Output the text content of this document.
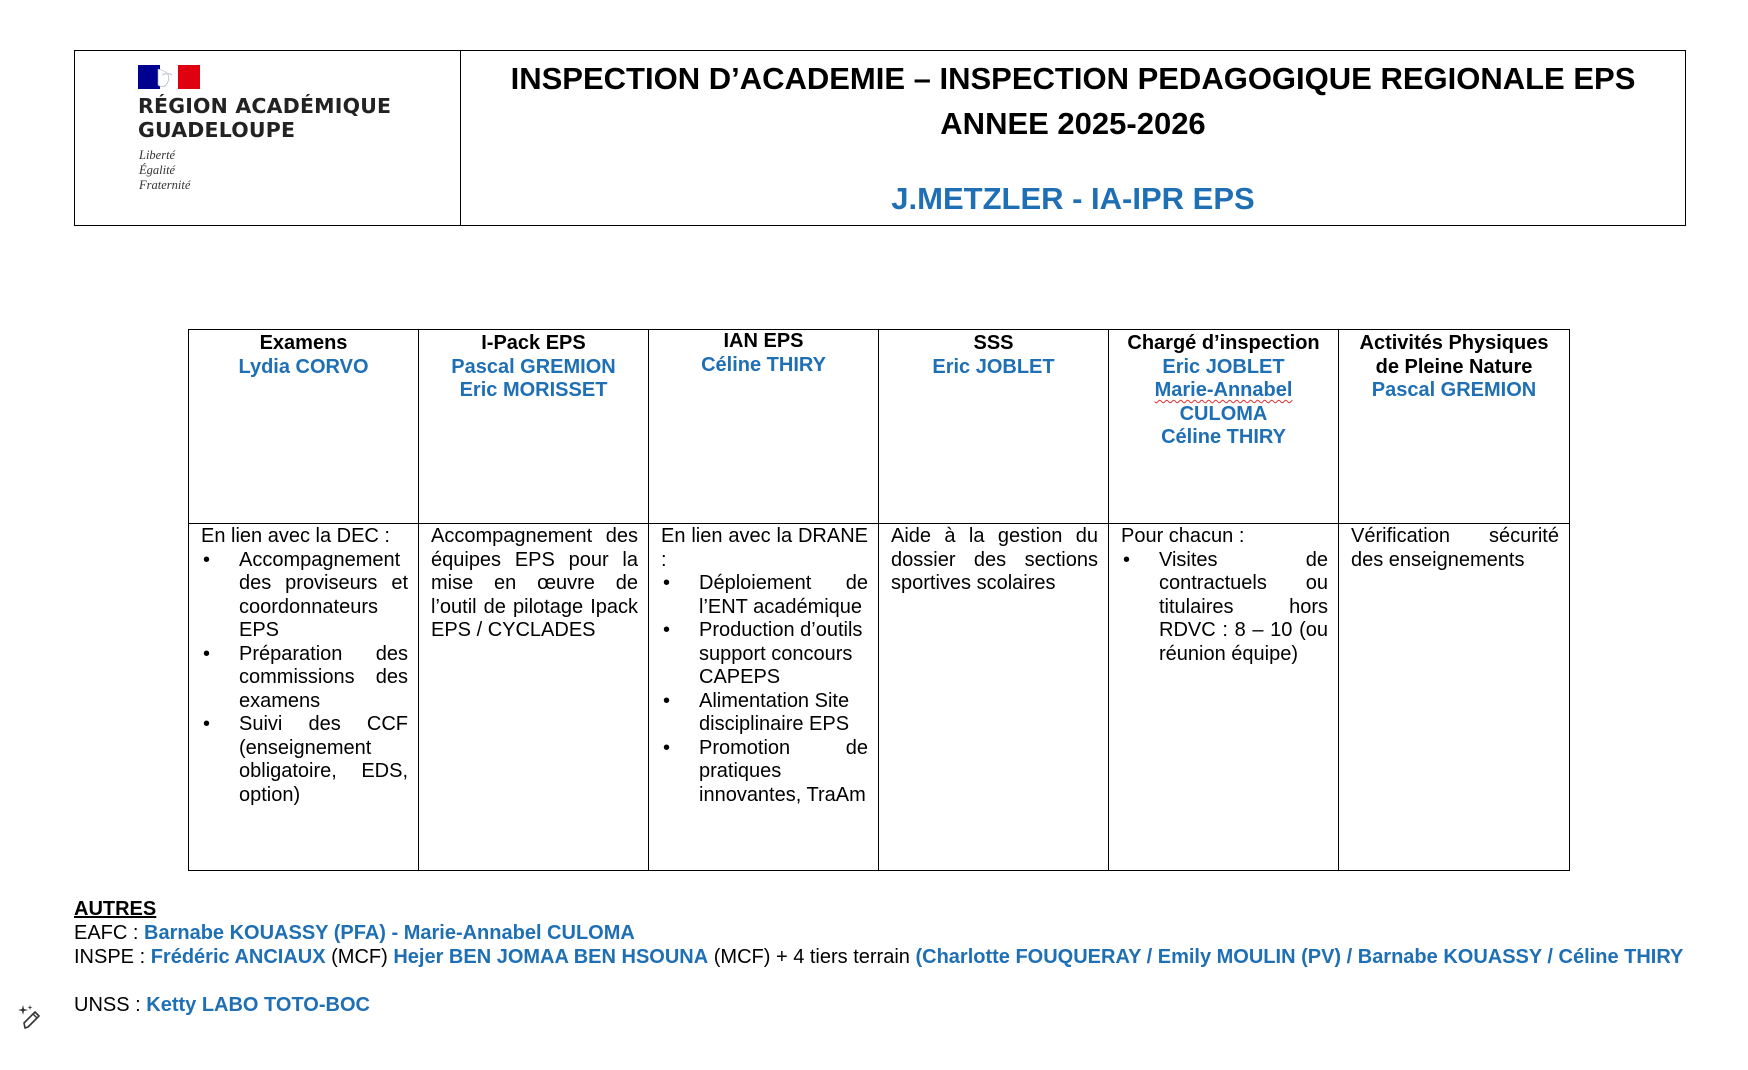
RÉGION ACADÉMIQUE
GUADELOUPE
Liberté
Égalité
Fraternité
INSPECTION D’ACADEMIE – INSPECTION PEDAGOGIQUE REGIONALE EPS
ANNEE 2025-2026
J.METZLER - IA-IPR EPS
Examens
Lydia CORVO
I-Pack EPS
Pascal GREMION
Eric MORISSET
IAN EPS
Céline THIRY
SSS
Eric JOBLET
Chargé d’inspection
Eric JOBLET
Marie-Annabel
CULOMA
Céline THIRY
Activités Physiques
de Pleine Nature
Pascal GREMION
En lien avec la DEC :
• Accompagnement des proviseurs et coordonnateurs EPS
• Préparation des commissions des examens
• Suivi des CCF (enseignement obligatoire, EDS, option)
Accompagnement des équipes EPS pour la mise en œuvre de l’outil de pilotage Ipack EPS / CYCLADES
En lien avec la DRANE :
• Déploiement de l’ENT académique
• Production d’outils support concours CAPEPS
• Alimentation Site disciplinaire EPS
• Promotion de pratiques innovantes, TraAm
Aide à la gestion du dossier des sections sportives scolaires
Pour chacun :
• Visites de contractuels ou titulaires hors RDVC : 8 – 10 (ou réunion équipe)
Vérification sécurité des enseignements
AUTRES
EAFC : Barnabe KOUASSY (PFA) - Marie-Annabel CULOMA
INSPE : Frédéric ANCIAUX (MCF) Hejer BEN JOMAA BEN HSOUNA (MCF) + 4 tiers terrain (Charlotte FOUQUERAY / Emily MOULIN (PV) / Barnabe KOUASSY / Céline THIRY
UNSS : Ketty LABO TOTO-BOC
